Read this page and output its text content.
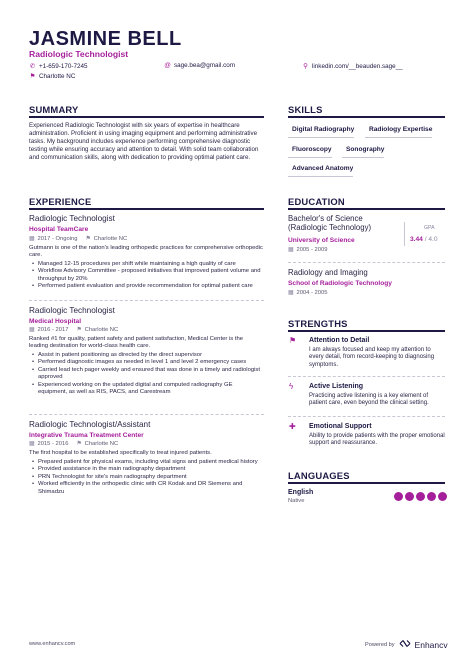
JASMINE BELL
Radiologic Technologist
✆ +1-659-170-7245	@ sage.bea@gmail.com	⚲ linkedin.com/__beauden.sage__
⚑ Charlotte NC
SUMMARY
Experienced Radiologic Technologist with six years of expertise in healthcare administration. Proficient in using imaging equipment and performing administrative tasks. My background includes experience performing comprehensive diagnostic testing while ensuring accuracy and attention to detail. With solid team collaboration and communication skills, along with dedication to providing optimal patient care.
EXPERIENCE
Radiologic Technologist
Hospital TeamCare
▦ 2017 - Ongoing ⚑ Charlotte NC
Gutmann is one of the nation's leading orthopedic practices for comprehensive orthopedic care.
• Managed 12-15 procedures per shift while maintaining a high quality of care
• Workflow Advisory Committee - proposed initiatives that improved patient volume and throughput by 20%
• Performed patient evaluation and provide recommendation for optimal patient care
Radiologic Technologist
Medical Hospital
▦ 2016 - 2017 ⚑ Charlotte NC
Ranked #1 for quality, patient safety and patient satisfaction, Medical Center is the leading destination for world-class health care.
• Assist in patient positioning as directed by the direct supervisor
• Performed diagnostic images as needed in level 1 and level 2 emergency cases
• Carried lead tech pager weekly and ensured that was done in a timely and radiologist approved
• Experienced working on the updated digital and computed radiography GE equipment, as well as RIS, PACS, and Carestream
Radiologic Technologist/Assistant
Integrative Trauma Treatment Center
▦ 2015 - 2016 ⚑ Charlotte NC
The first hospital to be established specifically to treat injured patients.
• Prepared patient for physical exams, including vital signs and patient medical history
• Provided assistance in the main radiography department
• PRN Technologist for site's main radiography department
• Worked efficiently in the orthopedic clinic with CR Kodak and DR Siemens and Shimadzu
SKILLS
Digital Radiography	Radiology Expertise
Fluoroscopy	Sonography
Advanced Anatomy
EDUCATION
Bachelor's of Science (Radiologic Technology)
University of Science
▦ 2005 - 2009
GPA
3.44 / 4.0
Radiology and Imaging
School of Radiologic Technology
▦ 2004 - 2005
STRENGTHS
⚑ Attention to Detail
I am always focused and keep my attention to every detail, from record-keeping to diagnosing symptoms.
ϟ Active Listening
Practicing active listening is a key element of patient care, even beyond the clinical setting.
✚ Emotional Support
Ability to provide patients with the proper emotional support and reassurance.
LANGUAGES
English
Native
www.enhancv.com	Powered by Enhancv
